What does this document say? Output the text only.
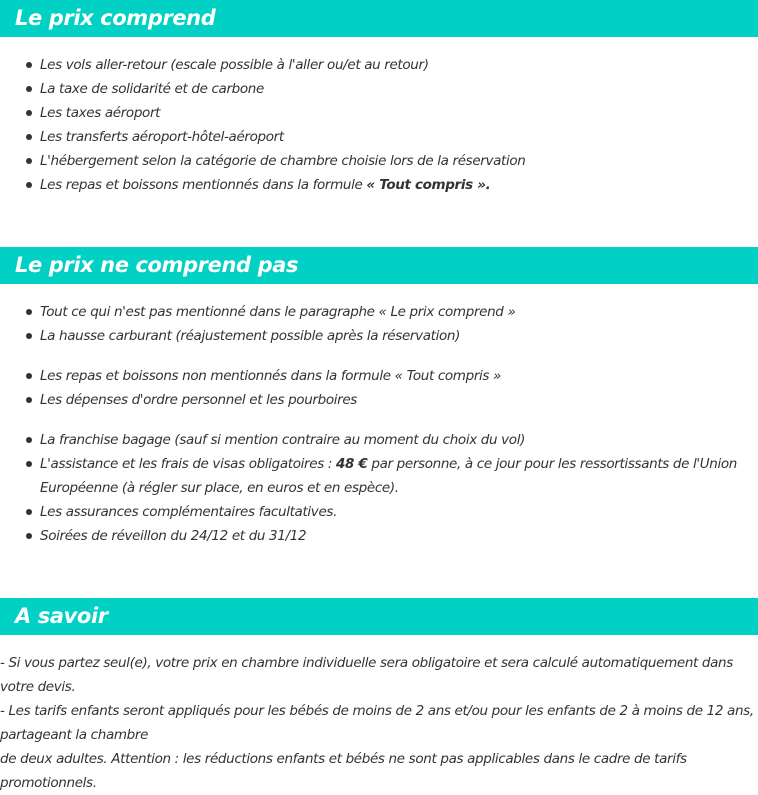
Le prix comprend
Les vols aller-retour (escale possible à l'aller ou/et au retour)
La taxe de solidarité et de carbone
Les taxes aéroport
Les transferts aéroport-hôtel-aéroport
L'hébergement selon la catégorie de chambre choisie lors de la réservation
Les repas et boissons mentionnés dans la formule « Tout compris ».
Le prix ne comprend pas
Tout ce qui n'est pas mentionné dans le paragraphe « Le prix comprend »
La hausse carburant (réajustement possible après la réservation)
Les repas et boissons non mentionnés dans la formule « Tout compris »
Les dépenses d'ordre personnel et les pourboires
La franchise bagage (sauf si mention contraire au moment du choix du vol)
L'assistance et les frais de visas obligatoires : 48 € par personne, à ce jour pour les ressortissants de l'Union Européenne (à régler sur place, en euros et en espèce).
Les assurances complémentaires facultatives.
Soirées de réveillon du 24/12 et du 31/12
A savoir
- Si vous partez seul(e), votre prix en chambre individuelle sera obligatoire et sera calculé automatiquement dans votre devis.
- Les tarifs enfants seront appliqués pour les bébés de moins de 2 ans et/ou pour les enfants de 2 à moins de 12 ans, partageant la chambre
de deux adultes. Attention : les réductions enfants et bébés ne sont pas applicables dans le cadre de tarifs promotionnels.
